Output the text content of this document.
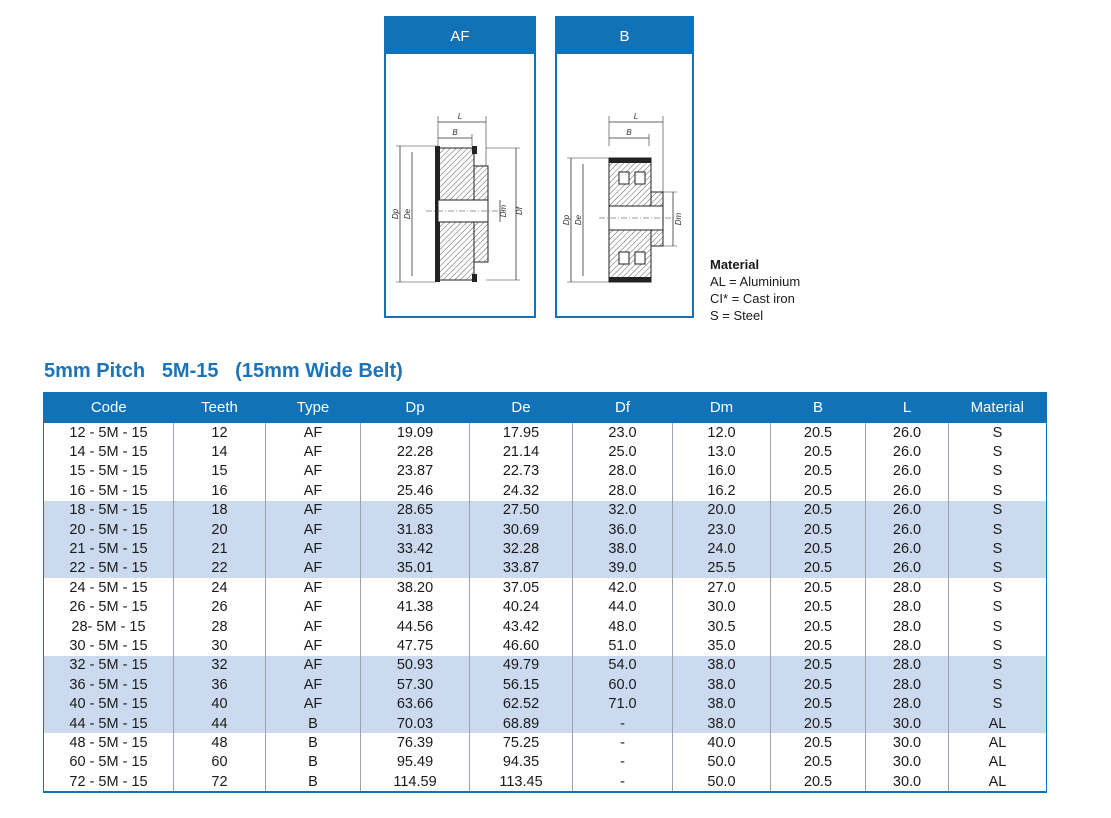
AF
L
B
Dp De	Dm Df
B
L
B
Dp De	Dm
Material
AL = Aluminium
CI* = Cast iron
S = Steel
5mm Pitch   5M-15   (15mm Wide Belt)
Code	Teeth	Type	Dp	De	Df	Dm	B	L	Material
12 - 5M - 15	12	AF	19.09	17.95	23.0	12.0	20.5	26.0	S
14 - 5M - 15	14	AF	22.28	21.14	25.0	13.0	20.5	26.0	S
15 - 5M - 15	15	AF	23.87	22.73	28.0	16.0	20.5	26.0	S
16 - 5M - 15	16	AF	25.46	24.32	28.0	16.2	20.5	26.0	S
18 - 5M - 15	18	AF	28.65	27.50	32.0	20.0	20.5	26.0	S
20 - 5M - 15	20	AF	31.83	30.69	36.0	23.0	20.5	26.0	S
21 - 5M - 15	21	AF	33.42	32.28	38.0	24.0	20.5	26.0	S
22 - 5M - 15	22	AF	35.01	33.87	39.0	25.5	20.5	26.0	S
24 - 5M - 15	24	AF	38.20	37.05	42.0	27.0	20.5	28.0	S
26 - 5M - 15	26	AF	41.38	40.24	44.0	30.0	20.5	28.0	S
28- 5M - 15	28	AF	44.56	43.42	48.0	30.5	20.5	28.0	S
30 - 5M - 15	30	AF	47.75	46.60	51.0	35.0	20.5	28.0	S
32 - 5M - 15	32	AF	50.93	49.79	54.0	38.0	20.5	28.0	S
36 - 5M - 15	36	AF	57.30	56.15	60.0	38.0	20.5	28.0	S
40 - 5M - 15	40	AF	63.66	62.52	71.0	38.0	20.5	28.0	S
44 - 5M - 15	44	B	70.03	68.89	-	38.0	20.5	30.0	AL
48 - 5M - 15	48	B	76.39	75.25	-	40.0	20.5	30.0	AL
60 - 5M - 15	60	B	95.49	94.35	-	50.0	20.5	30.0	AL
72 - 5M - 15	72	B	114.59	113.45	-	50.0	20.5	30.0	AL
